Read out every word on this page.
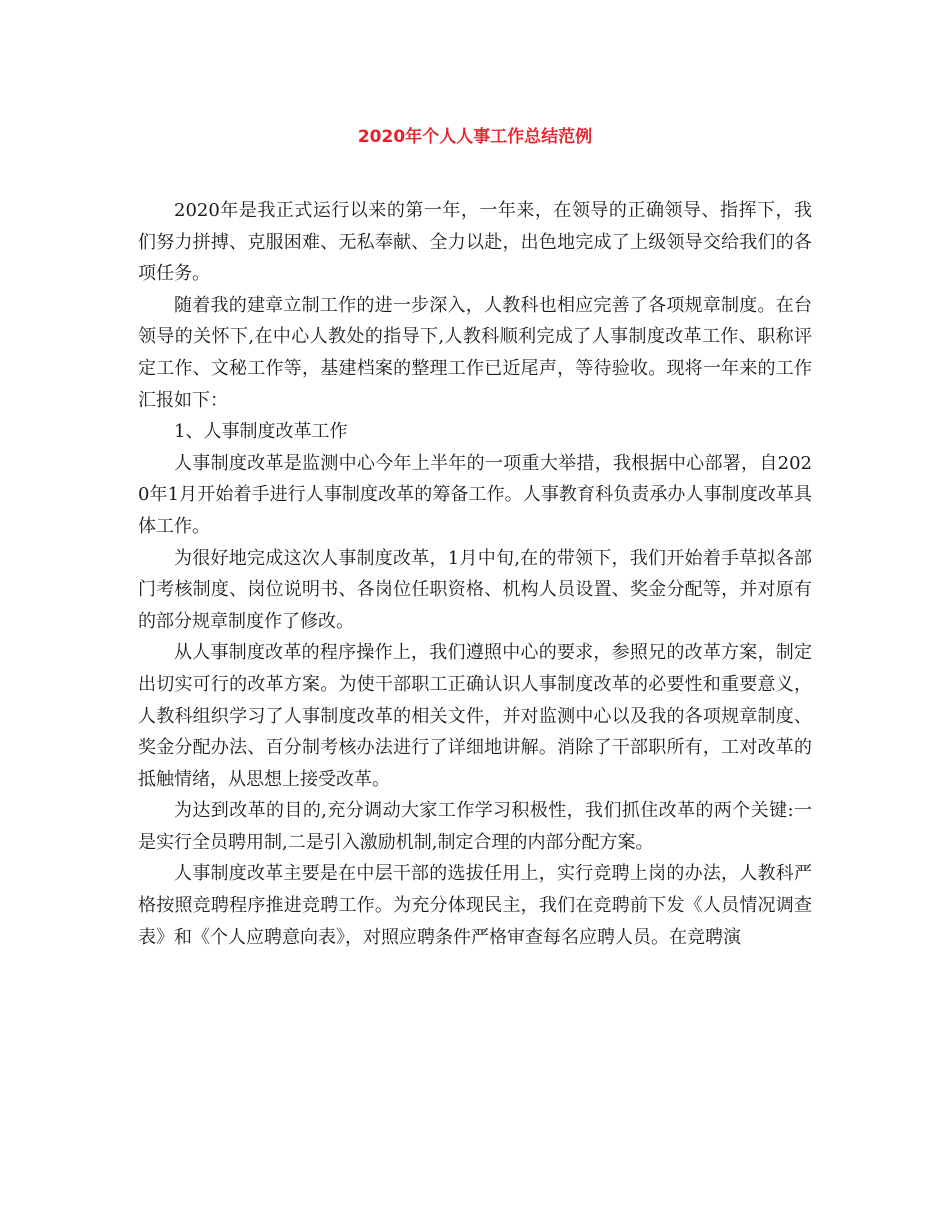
2020年个人人事工作总结范例

2020年是我正式运行以来的第一年，一年来，在领导的正确领导、指挥下，我们努力拼搏、克服困难、无私奉献、全力以赴，出色地完成了上级领导交给我们的各项任务。

随着我的建章立制工作的进一步深入，人教科也相应完善了各项规章制度。在台领导的关怀下,在中心人教处的指导下,人教科顺利完成了人事制度改革工作、职称评定工作、文秘工作等，基建档案的整理工作已近尾声，等待验收。现将一年来的工作汇报如下：

1、人事制度改革工作

人事制度改革是监测中心今年上半年的一项重大举措，我根据中心部署，自2020年1月开始着手进行人事制度改革的筹备工作。人事教育科负责承办人事制度改革具体工作。

为很好地完成这次人事制度改革，1月中旬,在的带领下，我们开始着手草拟各部门考核制度、岗位说明书、各岗位任职资格、机构人员设置、奖金分配等，并对原有的部分规章制度作了修改。

从人事制度改革的程序操作上，我们遵照中心的要求，参照兄的改革方案，制定出切实可行的改革方案。为使干部职工正确认识人事制度改革的必要性和重要意义，人教科组织学习了人事制度改革的相关文件，并对监测中心以及我的各项规章制度、奖金分配办法、百分制考核办法进行了详细地讲解。消除了干部职所有，工对改革的抵触情绪，从思想上接受改革。

为达到改革的目的,充分调动大家工作学习积极性，我们抓住改革的两个关键:一是实行全员聘用制,二是引入激励机制,制定合理的内部分配方案。

人事制度改革主要是在中层干部的选拔任用上，实行竞聘上岗的办法，人教科严格按照竞聘程序推进竞聘工作。为充分体现民主，我们在竞聘前下发《人员情况调查表》和《个人应聘意向表》，对照应聘条件严格审查每名应聘人员。在竞聘演
